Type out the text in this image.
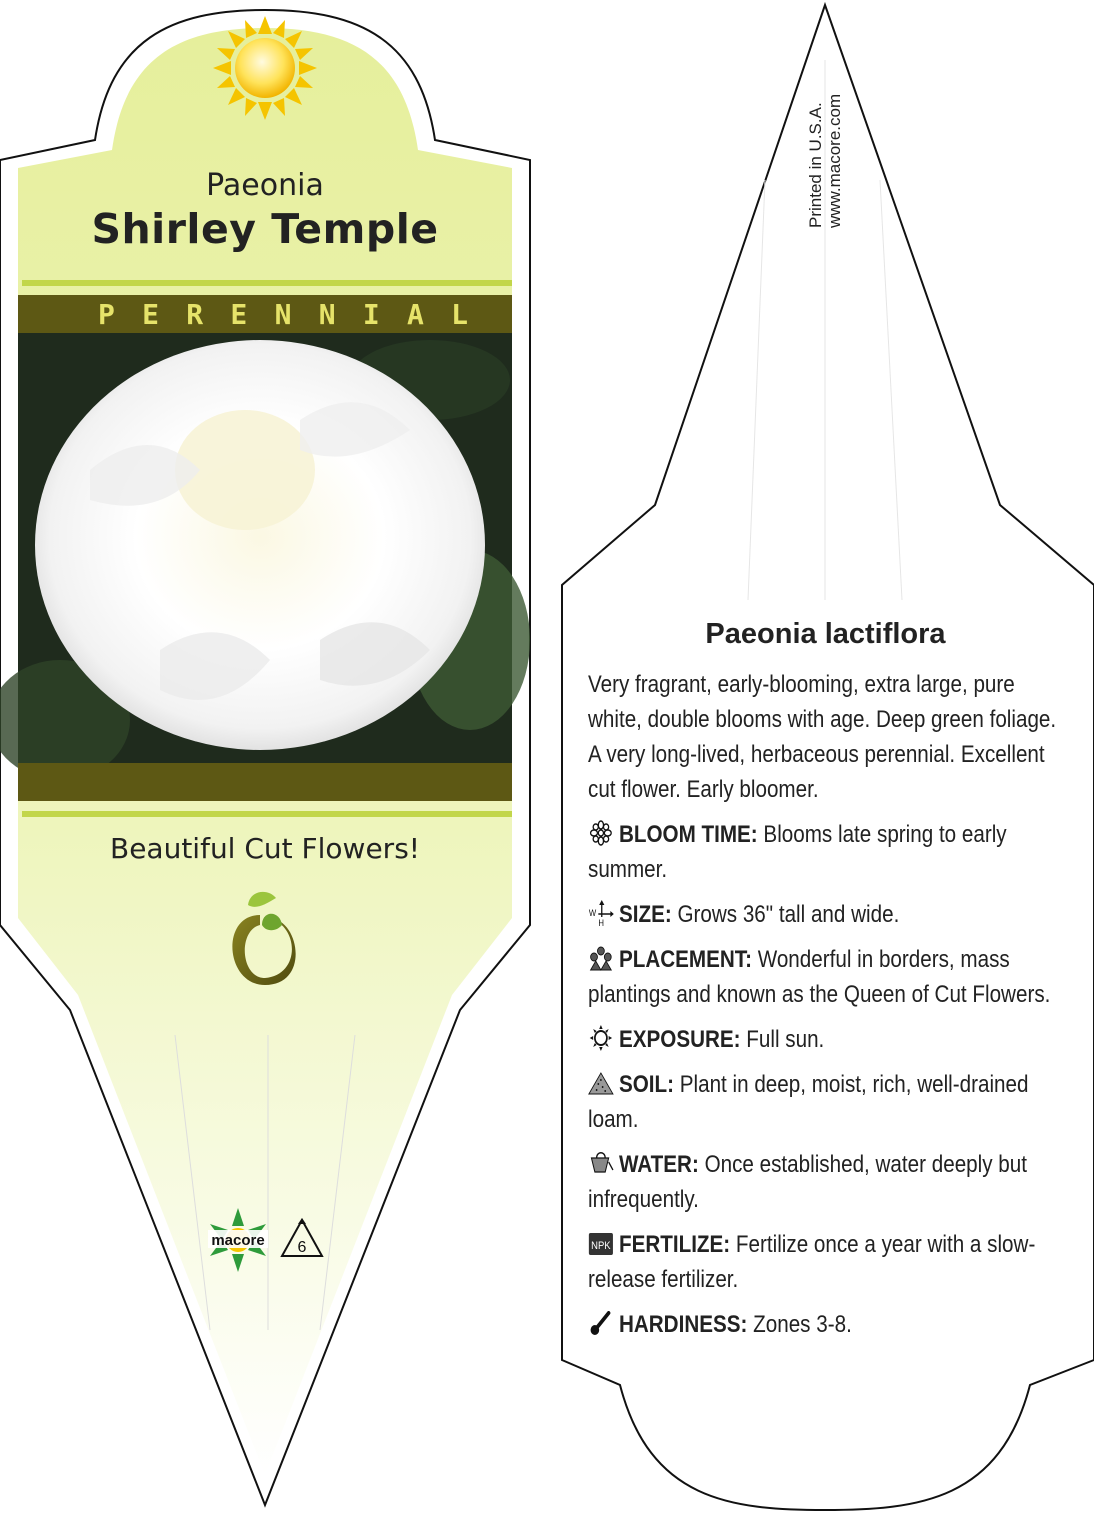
macore 6
Paeonia
Shirley Temple
P E R E N N I A L
Beautiful Cut Flowers!
Printed in U.S.A. www.macore.com
Paeonia lactiflora
Very fragrant, early-blooming, extra large, pure white, double blooms with age. Deep green foliage. A very long-lived, herbaceous perennial. Excellent cut flower. Early bloomer.
BLOOM TIME: Blooms late spring to early summer.
W
H SIZE: Grows 36" tall and wide.
PLACEMENT: Wonderful in borders, mass plantings and known as the Queen of Cut Flowers.
EXPOSURE: Full sun.
SOIL: Plant in deep, moist, rich, well-drained loam.
WATER: Once established, water deeply but infrequently.
NPK FERTILIZE: Fertilize once a year with a slow-release fertilizer.
HARDINESS: Zones 3-8.
